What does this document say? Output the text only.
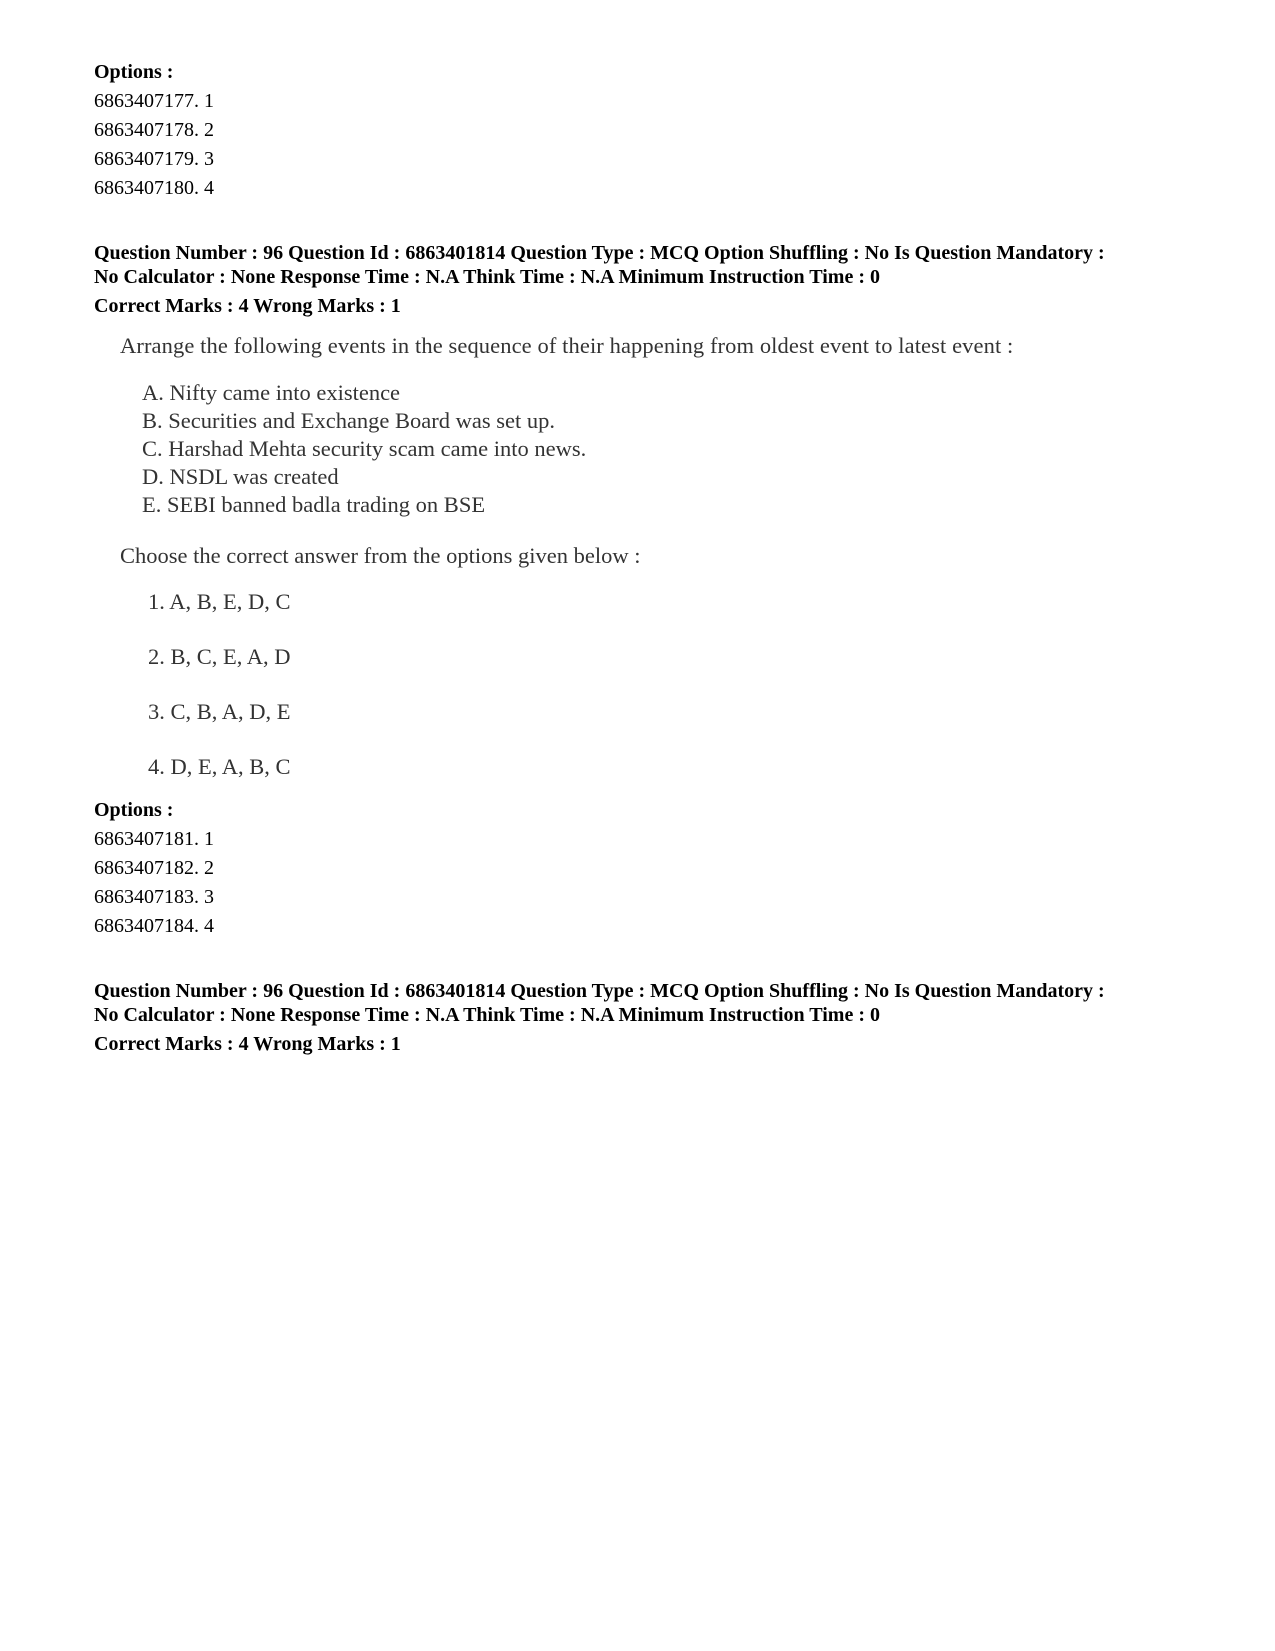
Options :

6863407177. 1

6863407178. 2

6863407179. 3

6863407180. 4

Question Number : 96 Question Id : 6863401814 Question Type : MCQ Option Shuffling : No Is Question Mandatory :

No Calculator : None Response Time : N.A Think Time : N.A Minimum Instruction Time : 0

Correct Marks : 4 Wrong Marks : 1

Arrange the following events in the sequence of their happening from oldest event to latest event :

A. Nifty came into existence
B. Securities and Exchange Board was set up.
C. Harshad Mehta security scam came into news.
D. NSDL was created
E. SEBI banned badla trading on BSE

Choose the correct answer from the options given below :

1. A, B, E, D, C
2. B, C, E, A, D
3. C, B, A, D, E
4. D, E, A, B, C

Options :

6863407181. 1

6863407182. 2

6863407183. 3

6863407184. 4

Question Number : 96 Question Id : 6863401814 Question Type : MCQ Option Shuffling : No Is Question Mandatory :

No Calculator : None Response Time : N.A Think Time : N.A Minimum Instruction Time : 0

Correct Marks : 4 Wrong Marks : 1
